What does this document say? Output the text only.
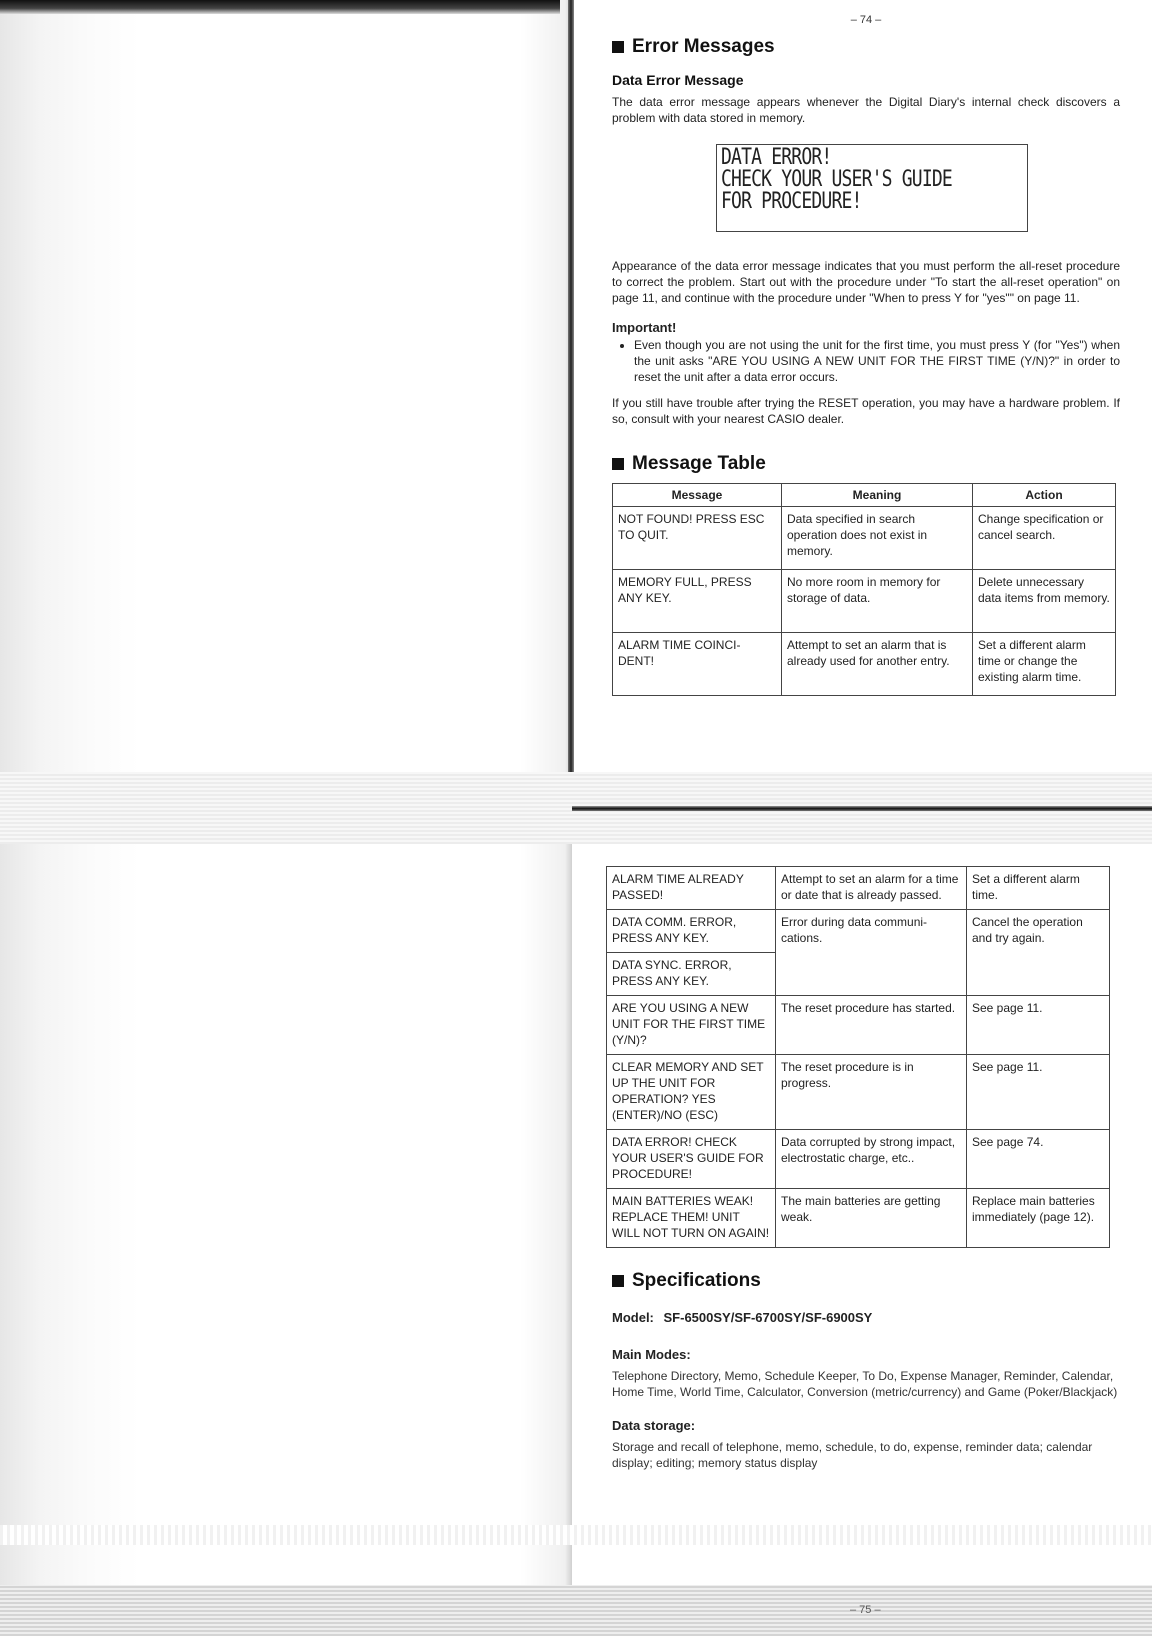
– 74 –
Error Messages
Data Error Message

The data error message appears whenever the Digital Diary's internal check discovers a problem with data stored in memory.

DATA ERROR!
CHECK YOUR USER'S GUIDE
FOR PROCEDURE!

Appearance of the data error message indicates that you must perform the all-reset procedure to correct the problem. Start out with the procedure under "To start the all-reset operation" on page 11, and continue with the procedure under "When to press Y for "yes"" on page 11.

Important!
• Even though you are not using the unit for the first time, you must press Y (for "Yes") when the unit asks "ARE YOU USING A NEW UNIT FOR THE FIRST TIME (Y/N)?" in order to reset the unit after a data error occurs.

If you still have trouble after trying the RESET operation, you may have a hardware problem. If so, consult with your nearest CASIO dealer.

Message Table
Message	Meaning	Action
NOT FOUND! PRESS ESC TO QUIT.	Data specified in search operation does not exist in memory.	Change specification or cancel search.
MEMORY FULL, PRESS ANY KEY.	No more room in memory for storage of data.	Delete unnecessary data items from memory.
ALARM TIME COINCI-DENT!	Attempt to set an alarm that is already used for another entry.	Set a different alarm time or change the existing alarm time.
ALARM TIME ALREADY PASSED!	Attempt to set an alarm for a time or date that is already passed.	Set a different alarm time.
DATA COMM. ERROR, PRESS ANY KEY.	Error during data communi-cations.	Cancel the operation and try again.
DATA SYNC. ERROR, PRESS ANY KEY.		
ARE YOU USING A NEW UNIT FOR THE FIRST TIME (Y/N)?	The reset procedure has started.	See page 11.
CLEAR MEMORY AND SET UP THE UNIT FOR OPERATION? YES (ENTER)/NO (ESC)	The reset procedure is in progress.	See page 11.
DATA ERROR! CHECK YOUR USER'S GUIDE FOR PROCEDURE!	Data corrupted by strong impact, electrostatic charge, etc..	See page 74.
MAIN BATTERIES WEAK! REPLACE THEM! UNIT WILL NOT TURN ON AGAIN!	The main batteries are getting weak.	Replace main batteries immediately (page 12).
Specifications
Model: SF-6500SY/SF-6700SY/SF-6900SY
Main Modes:
Telephone Directory, Memo, Schedule Keeper, To Do, Expense Manager, Reminder, Calendar, Home Time, World Time, Calculator, Conversion (metric/currency) and Game (Poker/Blackjack)
Data storage:
Storage and recall of telephone, memo, schedule, to do, expense, reminder data; calendar display; editing; memory status display
– 75 –
